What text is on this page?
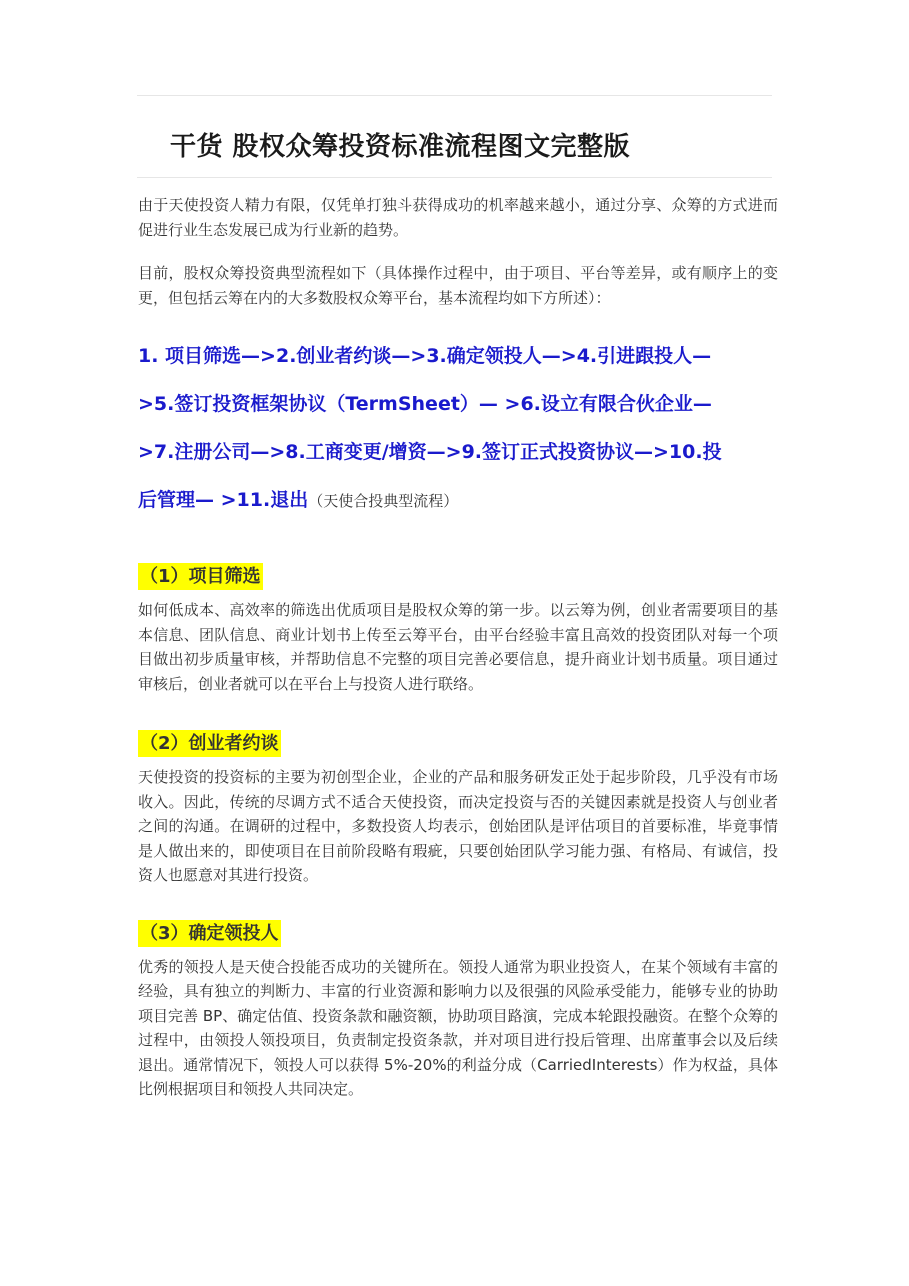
干货 股权众筹投资标准流程图文完整版

由于天使投资人精力有限，仅凭单打独斗获得成功的机率越来越小，通过分享、众筹的方式进而促进行业生态发展已成为行业新的趋势。

目前，股权众筹投资典型流程如下（具体操作过程中，由于项目、平台等差异，或有顺序上的变更，但包括云筹在内的大多数股权众筹平台，基本流程均如下方所述）：

1. 项目筛选—>2.创业者约谈—>3.确定领投人—>4.引进跟投人—
>5.签订投资框架协议（TermSheet）— >6.设立有限合伙企业—
>7.注册公司—>8.工商变更/增资—>9.签订正式投资协议—>10.投
后管理— >11.退出（天使合投典型流程）
（1）项目筛选

如何低成本、高效率的筛选出优质项目是股权众筹的第一步。以云筹为例，创业者需要项目的基本信息、团队信息、商业计划书上传至云筹平台，由平台经验丰富且高效的投资团队对每一个项目做出初步质量审核，并帮助信息不完整的项目完善必要信息，提升商业计划书质量。项目通过审核后，创业者就可以在平台上与投资人进行联络。

（2）创业者约谈

天使投资的投资标的主要为初创型企业，企业的产品和服务研发正处于起步阶段，几乎没有市场收入。因此，传统的尽调方式不适合天使投资，而决定投资与否的关键因素就是投资人与创业者之间的沟通。在调研的过程中，多数投资人均表示，创始团队是评估项目的首要标准，毕竟事情是人做出来的，即使项目在目前阶段略有瑕疵，只要创始团队学习能力强、有格局、有诚信，投资人也愿意对其进行投资。

（3）确定领投人

优秀的领投人是天使合投能否成功的关键所在。领投人通常为职业投资人，在某个领域有丰富的经验，具有独立的判断力、丰富的行业资源和影响力以及很强的风险承受能力，能够专业的协助项目完善 BP、确定估值、投资条款和融资额，协助项目路演，完成本轮跟投融资。在整个众筹的过程中，由领投人领投项目，负责制定投资条款，并对项目进行投后管理、出席董事会以及后续退出。通常情况下，领投人可以获得 5%-20%的利益分成（CarriedInterests）作为权益，具体比例根据项目和领投人共同决定。
